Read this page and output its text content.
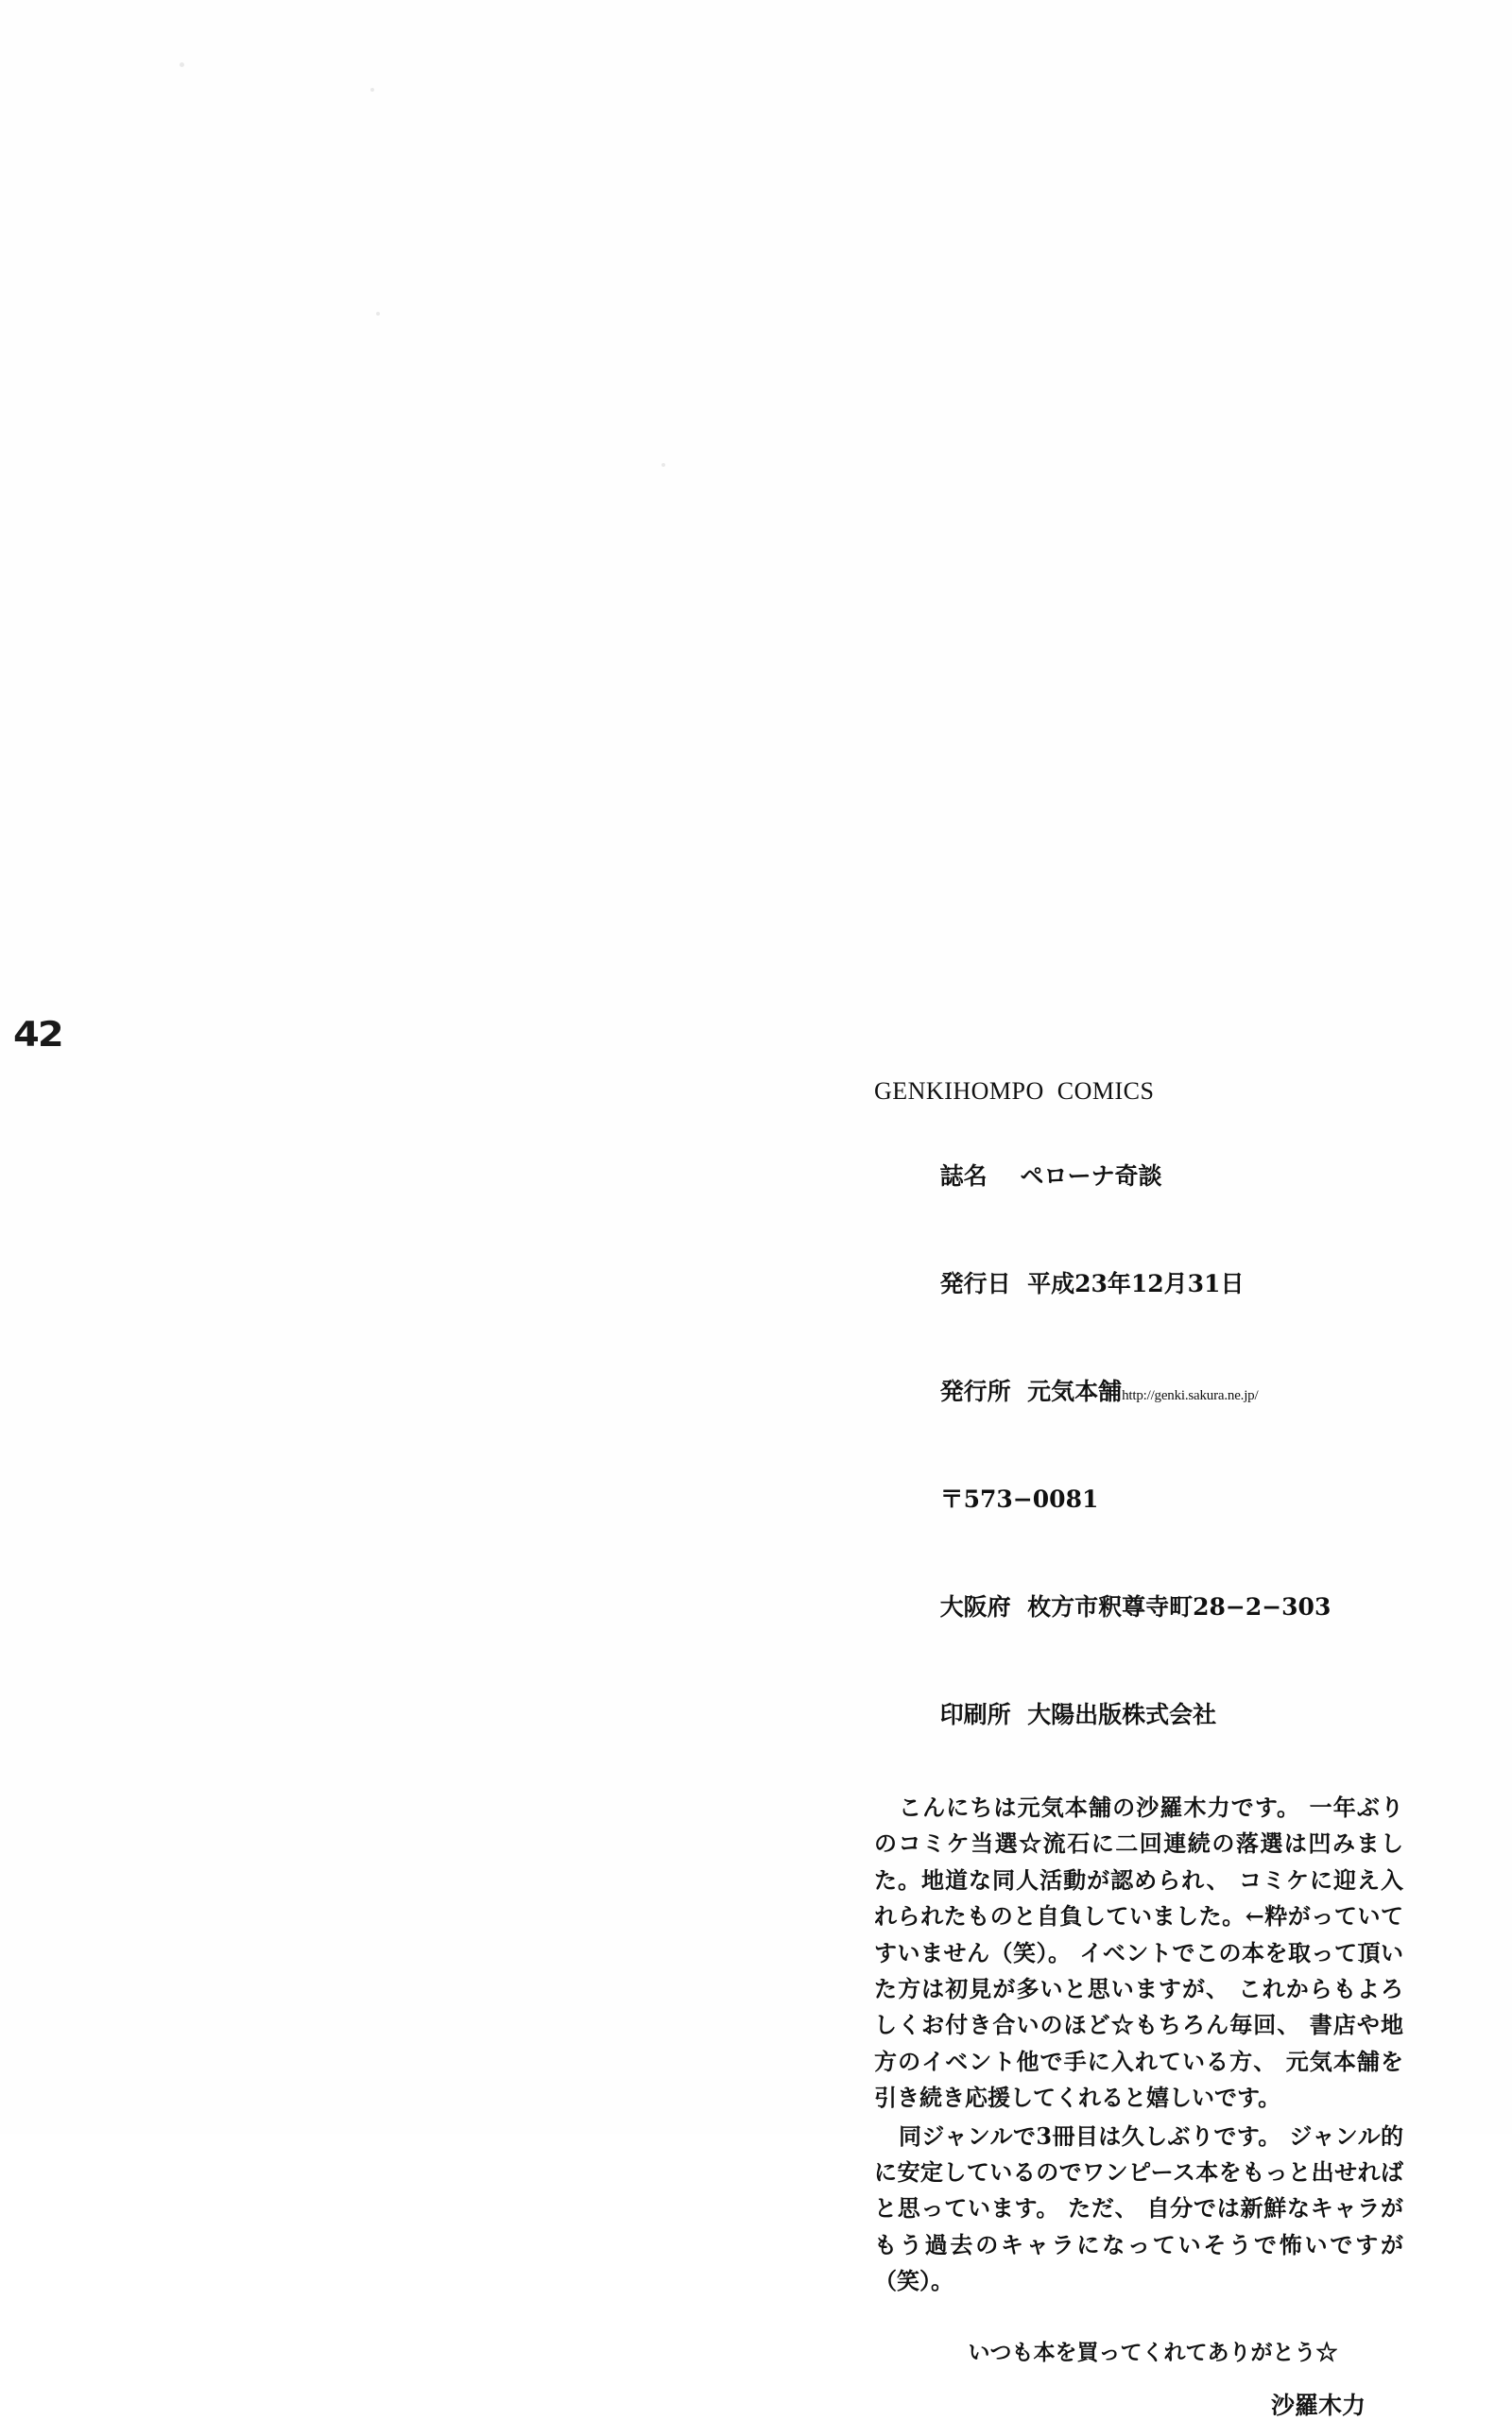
42
GENKIHOMPO  COMICS

誌名 ペローナ奇談

発行日 平成23年12月31日

発行所 元気本舗http://genki.sakura.ne.jp/

〒573−0081

大阪府 枚方市釈尊寺町28−2−303

印刷所 大陽出版株式会社

こんにちは元気本舗の沙羅木力です。 一年ぶりのコミケ当選☆流石に二回連続の落選は凹みました。地道な同人活動が認められ、 コミケに迎え入れられたものと自負していました。←粋がっていてすいません（笑）。 イベントでこの本を取って頂いた方は初見が多いと思いますが、 これからもよろしくお付き合いのほど☆もちろん毎回、 書店や地方のイベント他で手に入れている方、 元気本舗を引き続き応援してくれると嬉しいです。

同ジャンルで3冊目は久しぶりです。 ジャンル的に安定しているのでワンピース本をもっと出せればと思っています。 ただ、 自分では新鮮なキャラがもう過去のキャラになっていそうで怖いですが（笑）。

いつも本を買ってくれてありがとう☆
沙羅木力
